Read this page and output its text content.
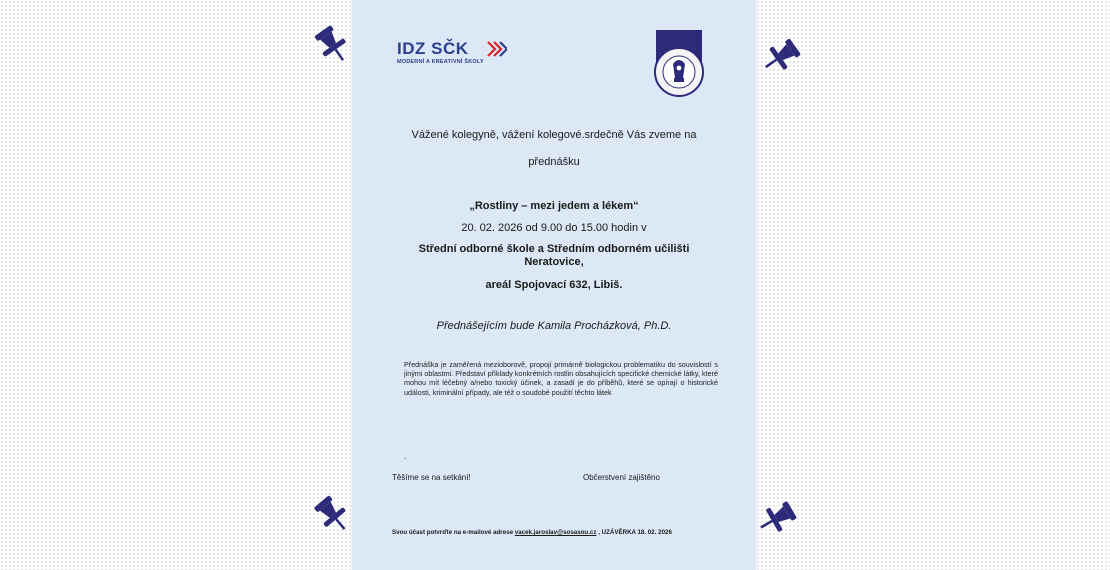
IDZ SČK
MODERNÍ A KREATIVNÍ ŠKOLY
Vážené kolegyně, vážení kolegové.srdečně Vás zveme na
přednášku
„Rostliny – mezi jedem a lékem“
20. 02. 2026 od 9.00 do 15.00 hodin v
Střední odborné škole a Středním odborném učilišti
Neratovice,
areál Spojovací 632, Libiš.
Přednášejícím bude Kamila Procházková, Ph.D.
Přednáška je zaměřená mezioborově, propojí primárně biologickou problematiku do souvislostí s jinými oblastmi. Představí příklady konkrétních rostlin obsahujících specifické chemické látky, které mohou mít léčebný a/nebo toxický účinek, a zasadí je do příběhů, které se opírají o historické události, kriminální případy, ale též o soudobé použití těchto látek
.
Těšíme se na setkání!	Občerstvení zajištěno
Svou účast potvrďte na e-mailové adrese vacek.jaroslav@sosasou.cz , UZÁVĚRKA 18. 02. 2026
